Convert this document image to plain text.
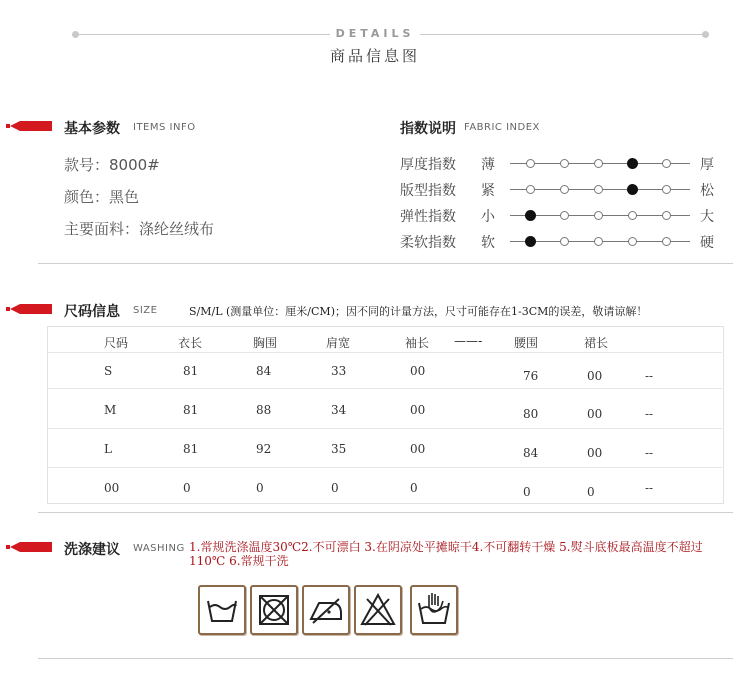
DETAILS
商品信息图
基本参数 ITEMS INFO
款号：8000#
颜色：黑色
主要面料：涤纶丝绒布
指数说明 FABRIC INDEX
厚度指数 薄	厚
版型指数 紧	松
弹性指数 小	大
柔软指数 软	硬
尺码信息 SIZE	S/M/L (测量单位：厘米/CM)；因不同的计量方法，尺寸可能存在1-3CM的误差，敬请谅解！
尺码	衣长	胸围	肩宽	袖长 ——-	腰围	裙长
S	81	84	33	00	76	00	--
M	81	88	34	00	80	00	--
L	81	92	35	00	84	00	--
00	0	0	0	0	0	0	--
洗涤建议 WASHING 1.常规洗涤温度30℃2.不可漂白 3.在阴凉处平摊晾干4.不可翻转干燥 5.熨斗底板最高温度不超过
110℃ 6.常规干洗
